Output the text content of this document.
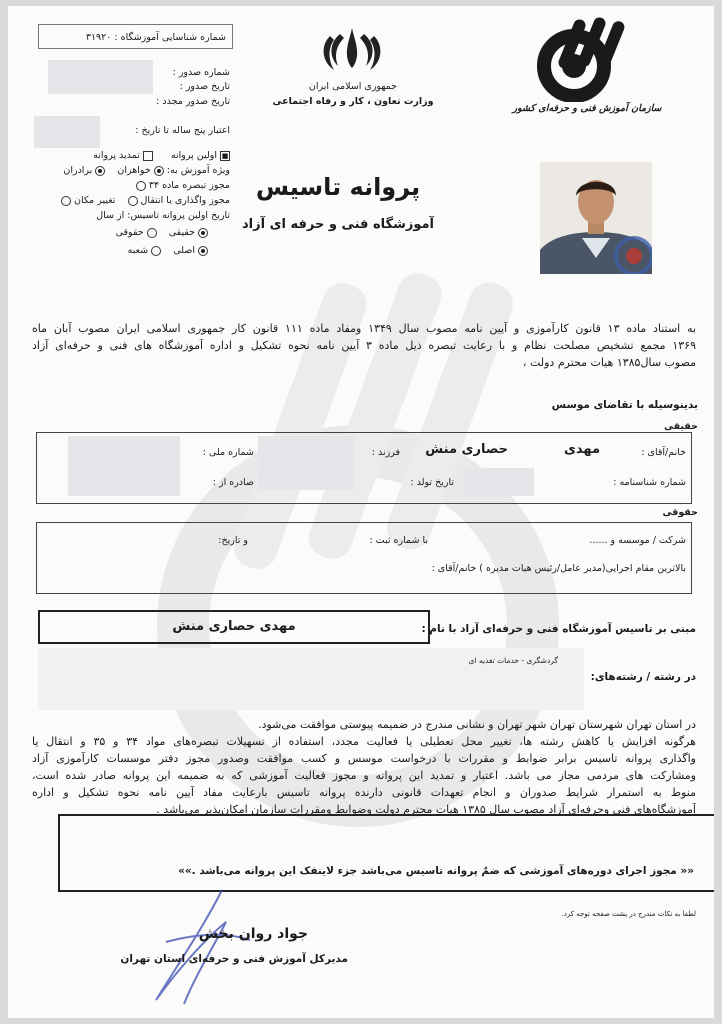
شماره شناسایی آموزشگاه : ۳۱۹۲۰
جمهوری اسلامی ایران
وزارت تعاون ، کار و رفاه اجتماعی
سازمان آموزش فنی و حرفه‌ای کشور
شماره صدور :
تاریخ صدور :
تاریخ صدور مجدد :
اعتبار پنج ساله تا تاریخ :
■اولین پروانه      تمدید پروانه
ویژه آموزش به: خواهران    برادران
مجوز تبصره ماده ۳۴
مجوز واگذاری یا انتقال    تغییر مکان
تاریخ اولین پروانه تاسیس: از سال
حقیقی    حقوقی
اصلی    شعبه
پروانه تاسیس
آموزشگاه فنی و حرفه ای آزاد
به استناد ماده ۱۳ قانون کارآموزی و آیین نامه مصوب سال ۱۳۴۹ ومفاد ماده ۱۱۱ قانون کار جمهوری اسلامی ایران مصوب آبان ماه
۱۳۶۹ مجمع تشخیص مصلحت نظام و با رعایت تبصره ذیل ماده ۳ آیین نامه نحوه تشکیل و اداره آموزشگاه های فنی و حرفه‌ای آزاد
مصوب سال۱۳۸۵ هیات محترم دولت ،
بدینوسیله با تقاضای موسس
حقیقی
خانم/آقای :
مهدی
حصاری منش
فرزند :
شماره ملی :
شماره شناسنامه :
تاریخ تولد :
صادره از :
حقوقی
شرکت / موسسه و ......
با شماره ثبت :
و تاریخ:
بالاترین مقام اجرایی(مدیر عامل/رئیس هیات مدیره ) خانم/آقای :
مبنی بر تاسیس آموزشگاه فنی و حرفه‌ای آزاد با نام :
مهدی حصاری منش
در رشته / رشته‌های:
گردشگری - خدمات تغذیه ای
در استان تهران شهرستان تهران شهر تهران و نشانی مندرج در ضمیمه پیوستی موافقت می‌شود.
هرگونه افزایش یا کاهش رشته ها، تغییر محل تعطیلی یا فعالیت مجدد، استفاده از تسهیلات تبصره‌های مواد ۳۴ و ۳۵ و انتقال یا
واگذاری پروانه تاسیس برابر ضوابط و مقررات با درخواست موسس و کسب موافقت وصدور مجوز دفتر موسسات کارآموزی آزاد
ومشارکت های مردمی مجاز می باشد. اعتبار و تمدید این پروانه و مجوز فعالیت آموزشی که به ضمیمه این پروانه صادر شده است،
منوط به استمرار شرایط صدوران و انجام تعهدات قانونی دارنده پروانه تاسیس بارعایت مفاد آیین نامه نحوه تشکیل و اداره
آموزشگاه‌های فنی وحرفه‌ای آزاد مصوب سال ۱۳۸۵ هیات محترم دولت وضوابط ومقررات سازمان امکان‌پذیر می‌باشد .
«« مجوز اجرای دوره‌های آموزشی که ضمٌ پروانه تاسیس می‌باشد جزء لاینفک این پروانه می‌باشد .»»
لطفا به نکات مندرج در پشت صفحه توجه کرد.
جواد روان بخش
مدیرکل آموزش فنی و حرفه‌ای استان تهران
